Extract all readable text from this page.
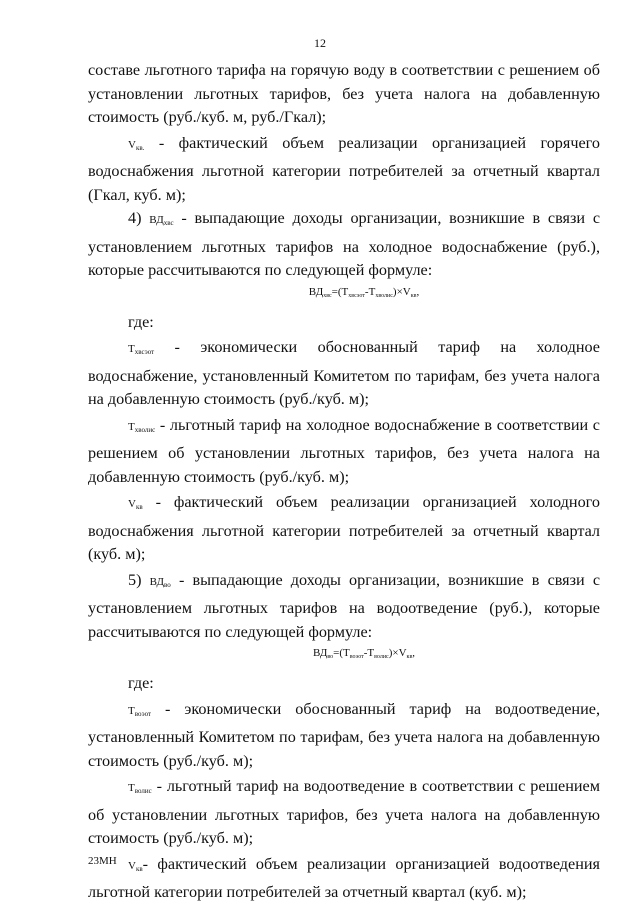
12

составе льготного тарифа на горячую воду в соответствии с решением об установлении льготных тарифов, без учета налога на добавленную стоимость (руб./куб. м, руб./Гкал);

$V_{кв.}$ - фактический объем реализации организацией горячего водоснабжения льготной категории потребителей за отчетный квартал (Гкал, куб. м);

4) $ВД_{хвс}$ - выпадающие доходы организации, возникшие в связи с установлением льготных тарифов на холодное водоснабжение (руб.), которые рассчитываются по следующей формуле:

ВДхвс=(Тхвсэот-Тхволис)×Vкв,

где:

$Т_{хвсэот}$ - экономически обоснованный тариф на холодное водоснабжение, установленный Комитетом по тарифам, без учета налога на добавленную стоимость (руб./куб. м);

$Т_{хволис}$ - льготный тариф на холодное водоснабжение в соответствии с решением об установлении льготных тарифов, без учета налога на добавленную стоимость (руб./куб. м);

$V_{кв}$ - фактический объем реализации организацией холодного водоснабжения льготной категории потребителей за отчетный квартал (куб. м);

5) $ВД_{во}$ - выпадающие доходы организации, возникшие в связи с установлением льготных тарифов на водоотведение (руб.), которые рассчитываются по следующей формуле:

ВДво=(Твоэот-Тволис)×Vкв,

где:

$Т_{воэот}$ - экономически обоснованный тариф на водоотведение, установленный Комитетом по тарифам, без учета налога на добавленную стоимость (руб./куб. м);

$Т_{волис}$ - льготный тариф на водоотведение в соответствии с решением об установлении льготных тарифов, без учета налога на добавленную стоимость (руб./куб. м);

$V_{кв}-$ фактический объем реализации организацией водоотведения льготной категории потребителей за отчетный квартал (куб. м);

23МН
